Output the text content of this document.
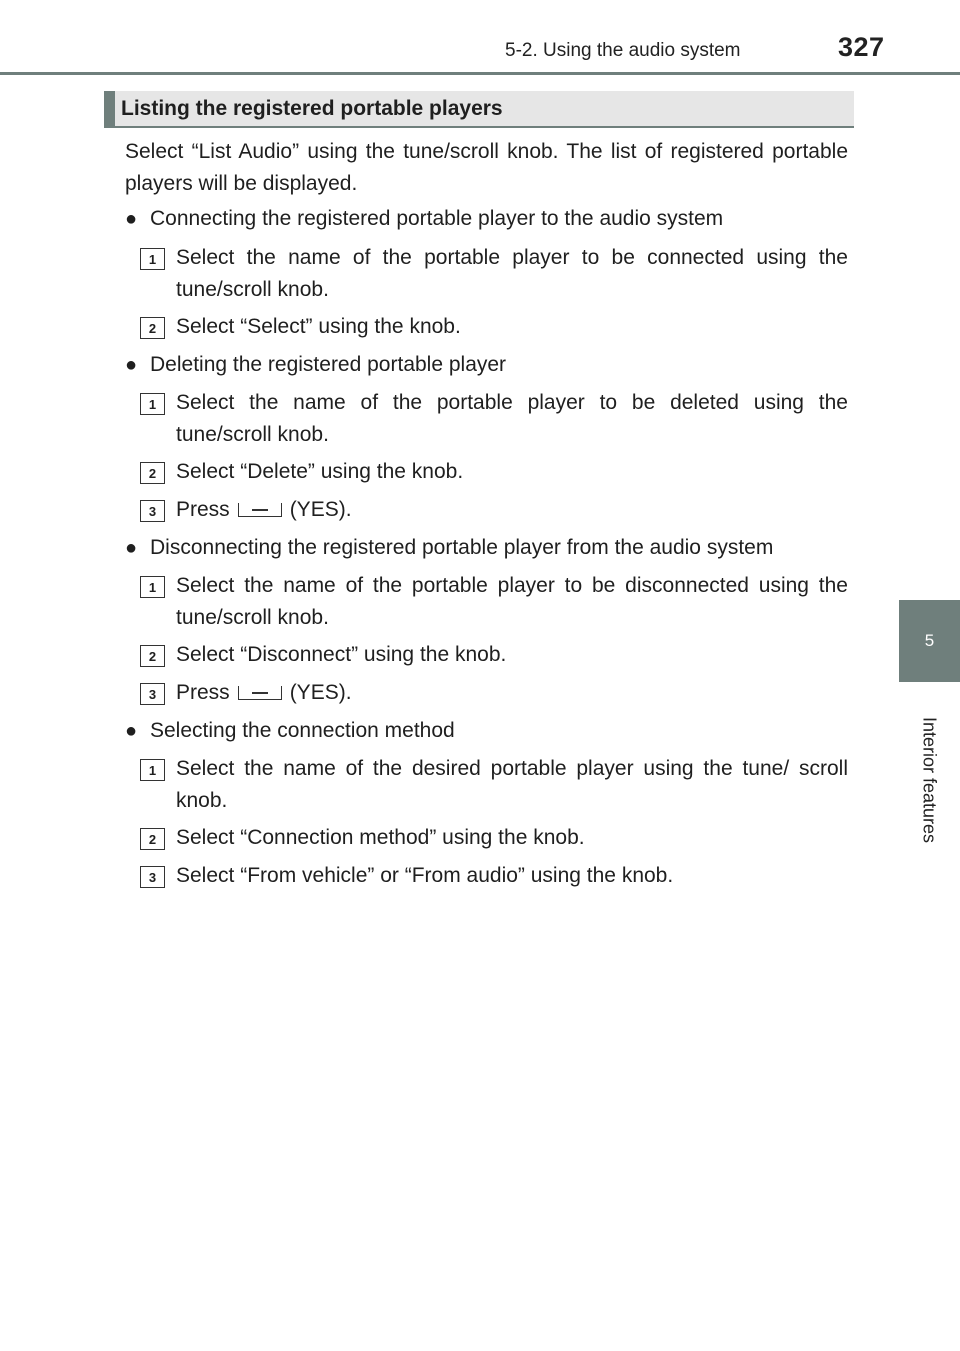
5-2. Using the audio system	327
5
Interior features
Listing the registered portable players
Select “List Audio” using the tune/scroll knob. The list of registered portable players will be displayed.
● Connecting the registered portable player to the audio system
1 Select the name of the portable player to be connected using the tune/scroll knob.
2 Select “Select” using the knob.
● Deleting the registered portable player
1 Select the name of the portable player to be deleted using the tune/scroll knob.
2 Select “Delete” using the knob.
3 Press	(YES).
● Disconnecting the registered portable player from the audio system
1 Select the name of the portable player to be disconnected using the tune/scroll knob.
2 Select “Disconnect” using the knob.
3 Press	(YES).
● Selecting the connection method
1 Select the name of the desired portable player using the tune/ scroll knob.
2 Select “Connection method” using the knob.
3 Select “From vehicle” or “From audio” using the knob.
